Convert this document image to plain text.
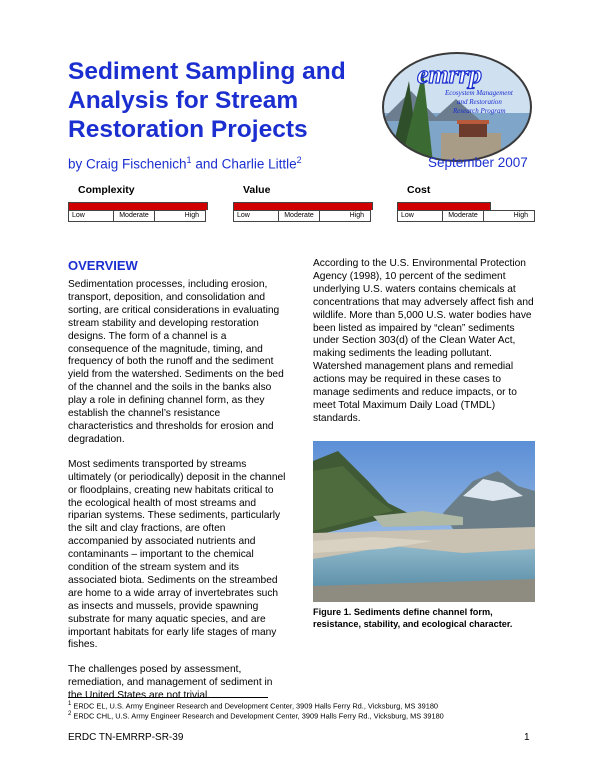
Sediment Sampling and Analysis for Stream Restoration Projects
emrrp
Ecosystem Management
and Restoration
Research Program
by Craig Fischenich$^1$ and Charlie Little$^2$	September 2007
Complexity
Low	Moderate	High
Value
Low	Moderate	High
Cost
Low	Moderate	High
OVERVIEW

Sedimentation processes, including erosion, transport, deposition, and consolidation and sorting, are critical considerations in evaluating stream stability and developing restoration designs. The form of a channel is a consequence of the magnitude, timing, and frequency of both the runoff and the sediment yield from the watershed. Sediments on the bed of the channel and the soils in the banks also play a role in defining channel form, as they establish the channel’s resistance characteristics and thresholds for erosion and degradation.

Most sediments transported by streams ultimately (or periodically) deposit in the channel or floodplains, creating new habitats critical to the ecological health of most streams and riparian systems. These sediments, particularly the silt and clay fractions, are often accompanied by associated nutrients and contaminants – important to the chemical condition of the stream system and its associated biota. Sediments on the streambed are home to a wide array of invertebrates such as insects and mussels, provide spawning substrate for many aquatic species, and are important habitats for early life stages of many fishes.

The challenges posed by assessment, remediation, and management of sediment in the United States are not trivial.

According to the U.S. Environmental Protection Agency (1998), 10 percent of the sediment underlying U.S. waters contains chemicals at concentrations that may adversely affect fish and wildlife. More than 5,000 U.S. water bodies have been listed as impaired by “clean” sediments under Section 303(d) of the Clean Water Act, making sediments the leading pollutant. Watershed management plans and remedial actions may be required in these cases to manage sediments and reduce impacts, or to meet Total Maximum Daily Load (TMDL) standards.

Figure 1. Sediments define channel form, resistance, stability, and ecological character.
$^1$ ERDC EL, U.S. Army Engineer Research and Development Center, 3909 Halls Ferry Rd., Vicksburg, MS 39180
$^2$ ERDC CHL, U.S. Army Engineer Research and Development Center, 3909 Halls Ferry Rd., Vicksburg, MS 39180
ERDC TN-EMRRP-SR-39	1
